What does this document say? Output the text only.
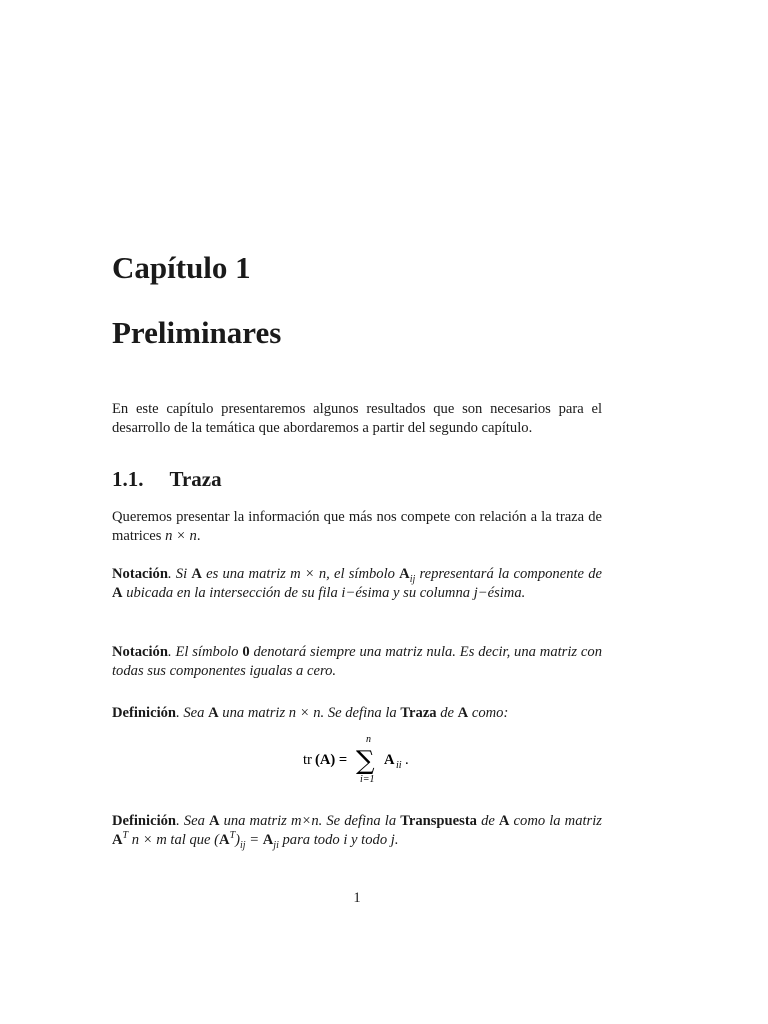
Capítulo 1
Preliminares

En este capítulo presentaremos algunos resultados que son necesarios para el desarrollo de la temática que abordaremos a partir del segundo capítulo.

1.1. Traza

Queremos presentar la información que más nos compete con relación a la traza de matrices n × n.

Notación. Si A es una matriz m × n, el símbolo $A_{ij}$ representará la componente de A ubicada en la intersección de su fila i−ésima y su columna j−ésima.

Notación. El símbolo 0 denotará siempre una matriz nula. Es decir, una matriz con todas sus componentes igualas a cero.

Definición. Sea A una matriz n × n. Se defina la Traza de A como:

tr (A) =
n
∑
i=1
A ii .

Definición. Sea A una matriz m×n. Se defina la Transpuesta de A como la matriz $A^T$ n × m tal que $(A^T)_{ij} = A_{ji}$ para todo i y todo j.

1
